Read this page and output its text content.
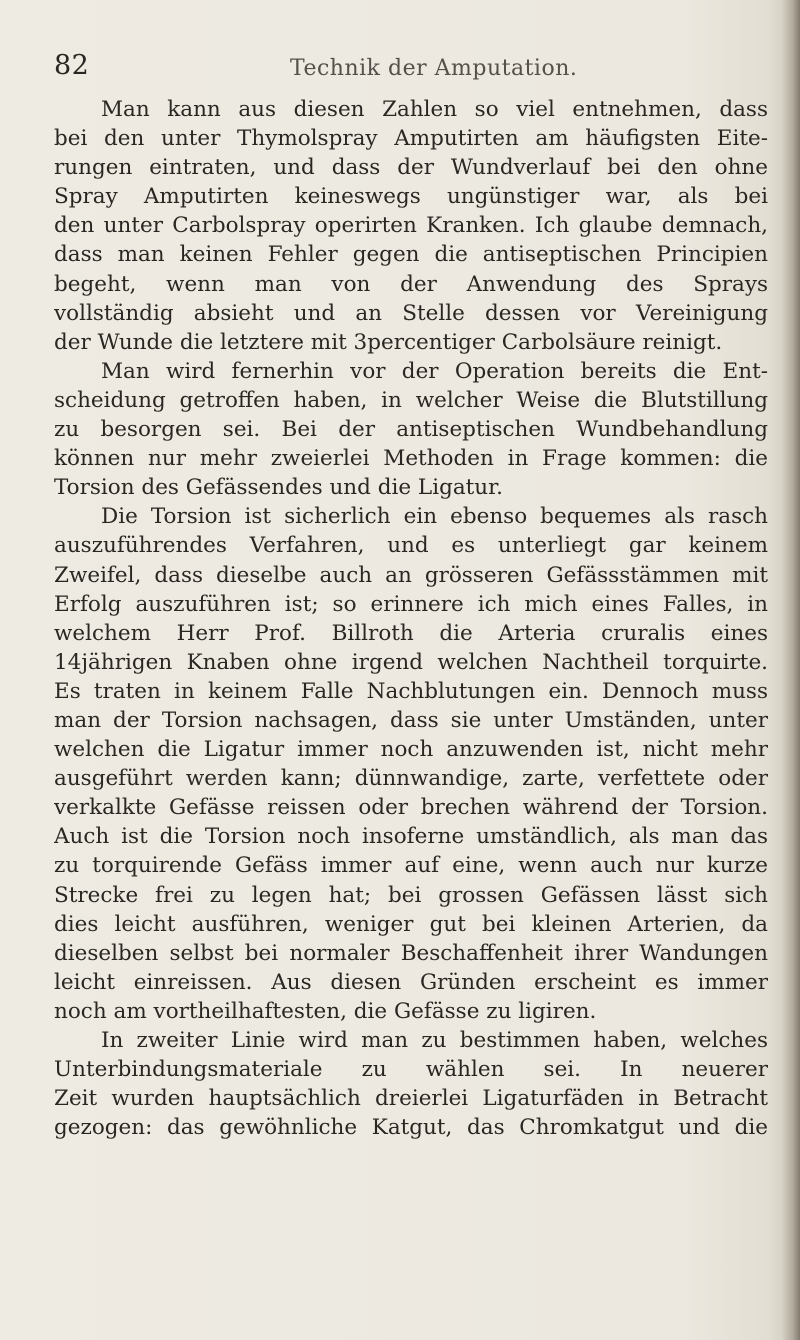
82	Technik der Amputation.
Man kann aus diesen Zahlen so viel entnehmen, dass
bei den unter Thymolspray Amputirten am häufigsten Eite-
rungen eintraten, und dass der Wundverlauf bei den ohne
Spray Amputirten keineswegs ungünstiger war, als bei
den unter Carbolspray operirten Kranken. Ich glaube demnach,
dass man keinen Fehler gegen die antiseptischen Principien
begeht, wenn man von der Anwendung des Sprays
vollständig absieht und an Stelle dessen vor Vereinigung
der Wunde die letztere mit 3percentiger Carbolsäure reinigt.
Man wird fernerhin vor der Operation bereits die Ent-
scheidung getroffen haben, in welcher Weise die Blutstillung
zu besorgen sei. Bei der antiseptischen Wundbehandlung
können nur mehr zweierlei Methoden in Frage kommen: die
Torsion des Gefässendes und die Ligatur.
Die Torsion ist sicherlich ein ebenso bequemes als rasch
auszuführendes Verfahren, und es unterliegt gar keinem
Zweifel, dass dieselbe auch an grösseren Gefässstämmen mit
Erfolg auszuführen ist; so erinnere ich mich eines Falles, in
welchem Herr Prof. Billroth die Arteria cruralis eines
14jährigen Knaben ohne irgend welchen Nachtheil torquirte.
Es traten in keinem Falle Nachblutungen ein. Dennoch muss
man der Torsion nachsagen, dass sie unter Umständen, unter
welchen die Ligatur immer noch anzuwenden ist, nicht mehr
ausgeführt werden kann; dünnwandige, zarte, verfettete oder
verkalkte Gefässe reissen oder brechen während der Torsion.
Auch ist die Torsion noch insoferne umständlich, als man das
zu torquirende Gefäss immer auf eine, wenn auch nur kurze
Strecke frei zu legen hat; bei grossen Gefässen lässt sich
dies leicht ausführen, weniger gut bei kleinen Arterien, da
dieselben selbst bei normaler Beschaffenheit ihrer Wandungen
leicht einreissen. Aus diesen Gründen erscheint es immer
noch am vortheilhaftesten, die Gefässe zu ligiren.
In zweiter Linie wird man zu bestimmen haben, welches
Unterbindungsmateriale zu wählen sei. In neuerer
Zeit wurden hauptsächlich dreierlei Ligaturfäden in Betracht
gezogen: das gewöhnliche Katgut, das Chromkatgut und die
